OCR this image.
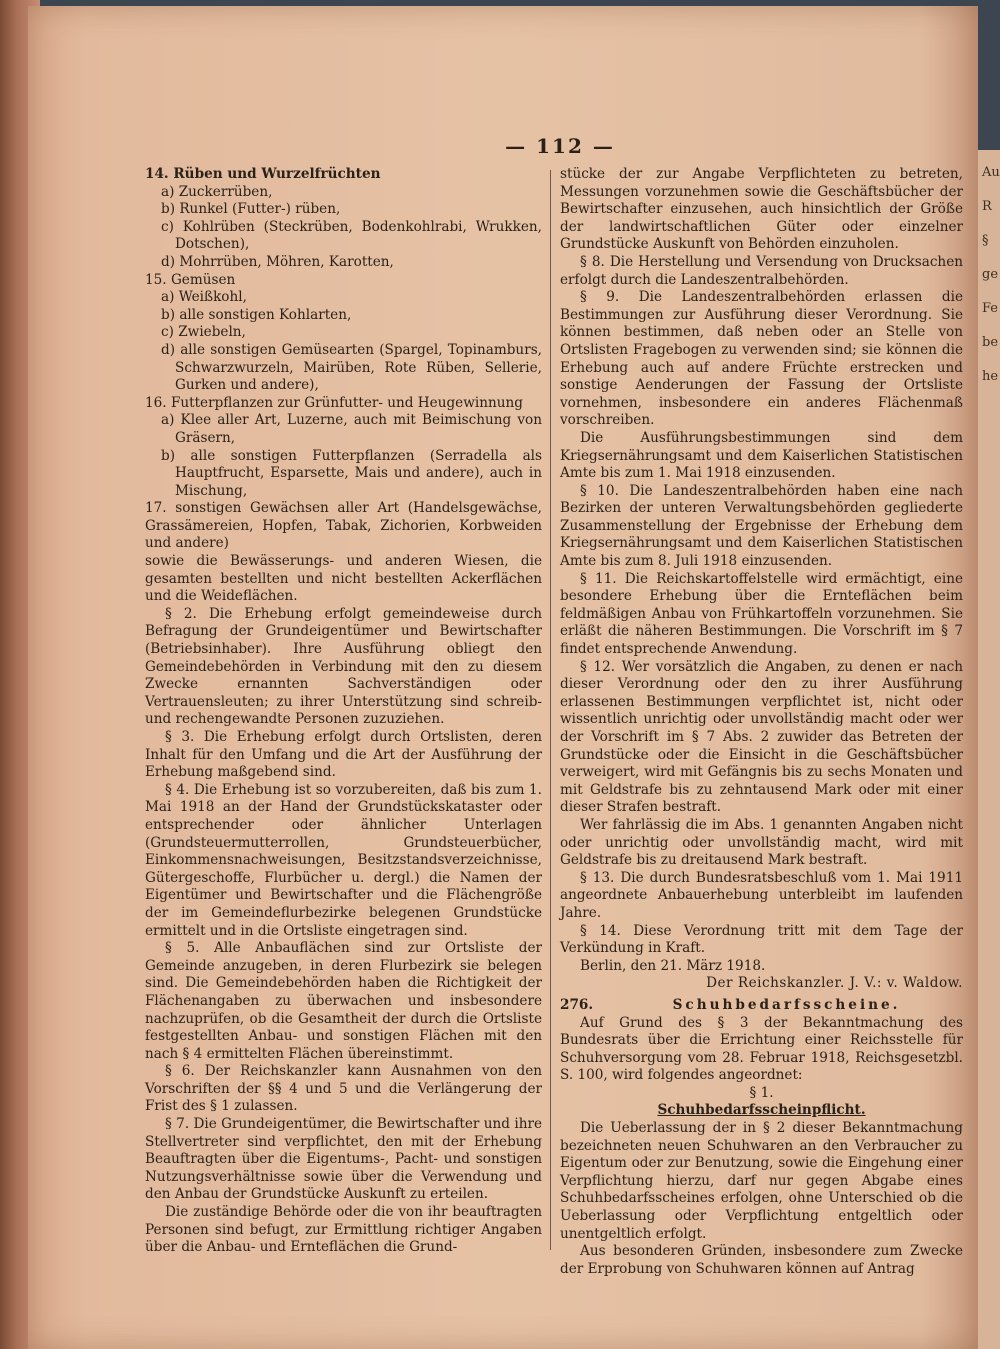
Au
R
§
ge
Fe
be
he
— 112 —

14. Rüben und Wurzelfrüchten

a) Zuckerrüben,

b) Runkel (Futter-) rüben,

c) Kohlrüben (Steckrüben, Bodenkohlrabi, Wrukken, Dotschen),

d) Mohrrüben, Möhren, Karotten,

15. Gemüsen

a) Weißkohl,

b) alle sonstigen Kohlarten,

c) Zwiebeln,

d) alle sonstigen Gemüsearten (Spargel, Topinamburs, Schwarzwurzeln, Mairüben, Rote Rüben, Sellerie, Gurken und andere),

16. Futterpflanzen zur Grünfutter- und Heugewinnung

a) Klee aller Art, Luzerne, auch mit Beimischung von Gräsern,

b) alle sonstigen Futterpflanzen (Serradella als Hauptfrucht, Esparsette, Mais und andere), auch in Mischung,

17. sonstigen Gewächsen aller Art (Handelsgewächse, Grassämereien, Hopfen, Tabak, Zichorien, Korbweiden und andere)

sowie die Bewässerungs- und anderen Wiesen, die gesamten bestellten und nicht bestellten Ackerflächen und die Weideflächen.

§ 2. Die Erhebung erfolgt gemeindeweise durch Befragung der Grundeigentümer und Bewirtschafter (Betriebsinhaber). Ihre Ausführung obliegt den Gemeindebehörden in Verbindung mit den zu diesem Zwecke ernannten Sachverständigen oder Vertrauensleuten; zu ihrer Unterstützung sind schreib- und rechengewandte Personen zuzuziehen.

§ 3. Die Erhebung erfolgt durch Ortslisten, deren Inhalt für den Umfang und die Art der Ausführung der Erhebung maßgebend sind.

§ 4. Die Erhebung ist so vorzubereiten, daß bis zum 1. Mai 1918 an der Hand der Grundstückskataster oder entsprechender oder ähnlicher Unterlagen (Grundsteuermutterrollen, Grundsteuerbücher, Einkommensnachweisungen, Besitzstandsverzeichnisse, Gütergeschoffe, Flurbücher u. dergl.) die Namen der Eigentümer und Bewirtschafter und die Flächengröße der im Gemeindeflurbezirke belegenen Grundstücke ermittelt und in die Ortsliste eingetragen sind.

§ 5. Alle Anbauflächen sind zur Ortsliste der Gemeinde anzugeben, in deren Flurbezirk sie belegen sind. Die Gemeindebehörden haben die Richtigkeit der Flächenangaben zu überwachen und insbesondere nachzuprüfen, ob die Gesamtheit der durch die Ortsliste festgestellten Anbau- und sonstigen Flächen mit den nach § 4 ermittelten Flächen übereinstimmt.

§ 6. Der Reichskanzler kann Ausnahmen von den Vorschriften der §§ 4 und 5 und die Verlängerung der Frist des § 1 zulassen.

§ 7. Die Grundeigentümer, die Bewirtschafter und ihre Stellvertreter sind verpflichtet, den mit der Erhebung Beauftragten über die Eigentums-, Pacht- und sonstigen Nutzungsverhältnisse sowie über die Verwendung und den Anbau der Grundstücke Auskunft zu erteilen.

Die zuständige Behörde oder die von ihr beauftragten Personen sind befugt, zur Ermittlung richtiger Angaben über die Anbau- und Ernteflächen die Grund-

stücke der zur Angabe Verpflichteten zu betreten, Messungen vorzunehmen sowie die Geschäftsbücher der Bewirtschafter einzusehen, auch hinsichtlich der Größe der landwirtschaftlichen Güter oder einzelner Grundstücke Auskunft von Behörden einzuholen.

§ 8. Die Herstellung und Versendung von Drucksachen erfolgt durch die Landeszentralbehörden.

§ 9. Die Landeszentralbehörden erlassen die Bestimmungen zur Ausführung dieser Verordnung. Sie können bestimmen, daß neben oder an Stelle von Ortslisten Fragebogen zu verwenden sind; sie können die Erhebung auch auf andere Früchte erstrecken und sonstige Aenderungen der Fassung der Ortsliste vornehmen, insbesondere ein anderes Flächenmaß vorschreiben.

Die Ausführungsbestimmungen sind dem Kriegsernährungsamt und dem Kaiserlichen Statistischen Amte bis zum 1. Mai 1918 einzusenden.

§ 10. Die Landeszentralbehörden haben eine nach Bezirken der unteren Verwaltungsbehörden gegliederte Zusammenstellung der Ergebnisse der Erhebung dem Kriegsernährungsamt und dem Kaiserlichen Statistischen Amte bis zum 8. Juli 1918 einzusenden.

§ 11. Die Reichskartoffelstelle wird ermächtigt, eine besondere Erhebung über die Ernteflächen beim feldmäßigen Anbau von Frühkartoffeln vorzunehmen. Sie erläßt die näheren Bestimmungen. Die Vorschrift im § 7 findet entsprechende Anwendung.

§ 12. Wer vorsätzlich die Angaben, zu denen er nach dieser Verordnung oder den zu ihrer Ausführung erlassenen Bestimmungen verpflichtet ist, nicht oder wissentlich unrichtig oder unvollständig macht oder wer der Vorschrift im § 7 Abs. 2 zuwider das Betreten der Grundstücke oder die Einsicht in die Geschäftsbücher verweigert, wird mit Gefängnis bis zu sechs Monaten und mit Geldstrafe bis zu zehntausend Mark oder mit einer dieser Strafen bestraft.

Wer fahrlässig die im Abs. 1 genannten Angaben nicht oder unrichtig oder unvollständig macht, wird mit Geldstrafe bis zu dreitausend Mark bestraft.

§ 13. Die durch Bundesratsbeschluß vom 1. Mai 1911 angeordnete Anbauerhebung unterbleibt im laufenden Jahre.

§ 14. Diese Verordnung tritt mit dem Tage der Verkündung in Kraft.

Berlin, den 21. März 1918.

Der Reichskanzler. J. V.: v. Waldow.

276.	Schuhbedarfsscheine.

Auf Grund des § 3 der Bekanntmachung des Bundesrats über die Errichtung einer Reichsstelle für Schuhversorgung vom 28. Februar 1918, Reichsgesetzbl. S. 100, wird folgendes angeordnet:

§ 1.

Schuhbedarfsscheinpflicht.

Die Ueberlassung der in § 2 dieser Bekanntmachung bezeichneten neuen Schuhwaren an den Verbraucher zu Eigentum oder zur Benutzung, sowie die Eingehung einer Verpflichtung hierzu, darf nur gegen Abgabe eines Schuhbedarfsscheines erfolgen, ohne Unterschied ob die Ueberlassung oder Verpflichtung entgeltlich oder unentgeltlich erfolgt.

Aus besonderen Gründen, insbesondere zum Zwecke der Erprobung von Schuhwaren können auf Antrag
